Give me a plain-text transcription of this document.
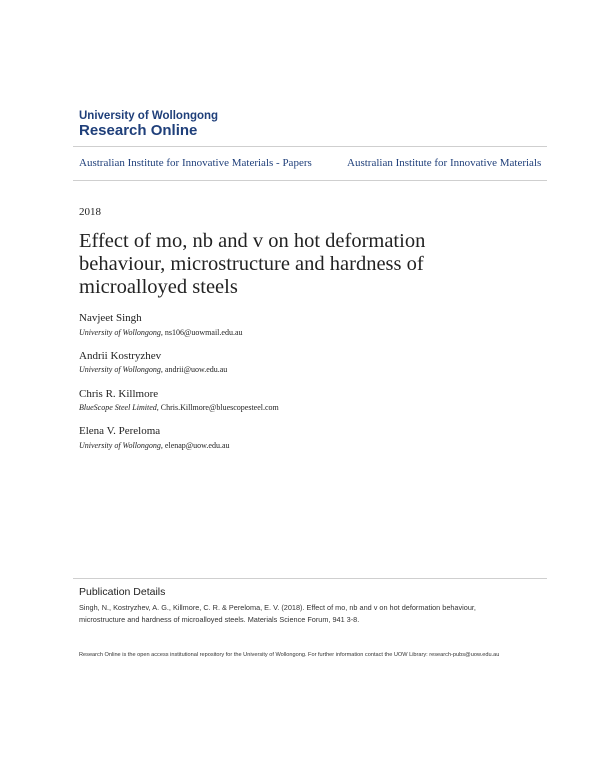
University of Wollongong
Research Online
Australian Institute for Innovative Materials - Papers	Australian Institute for Innovative Materials
2018
Effect of mo, nb and v on hot deformation behaviour, microstructure and hardness of microalloyed steels
Navjeet Singh
University of Wollongong, ns106@uowmail.edu.au
Andrii Kostryzhev
University of Wollongong, andrii@uow.edu.au
Chris R. Killmore
BlueScope Steel Limited, Chris.Killmore@bluescopesteel.com
Elena V. Pereloma
University of Wollongong, elenap@uow.edu.au
Publication Details
Singh, N., Kostryzhev, A. G., Killmore, C. R. & Pereloma, E. V. (2018). Effect of mo, nb and v on hot deformation behaviour, microstructure and hardness of microalloyed steels. Materials Science Forum, 941 3-8.
Research Online is the open access institutional repository for the University of Wollongong. For further information contact the UOW Library: research-pubs@uow.edu.au
